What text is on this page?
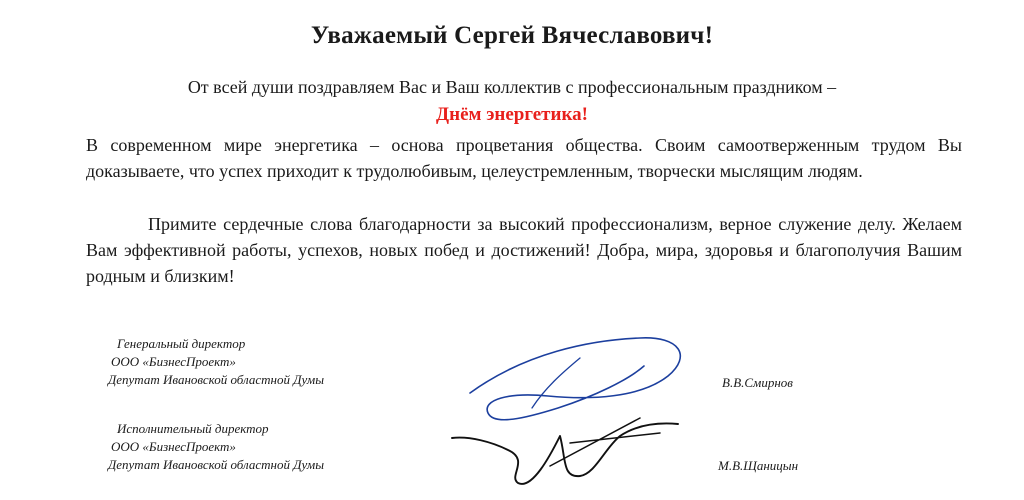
Уважаемый Сергей Вячеславович!
От всей души поздравляем Вас и Ваш коллектив с профессиональным праздником –
Днём энергетика!
В современном мире энергетика – основа процветания общества. Своим самоотверженным трудом Вы доказываете, что успех приходит к трудолюбивым, целеустремленным, творчески мыслящим людям.
Примите сердечные слова благодарности за высокий профессионализм, верное служение делу. Желаем Вам эффективной работы, успехов, новых побед и достижений! Добра, мира, здоровья и благополучия Вашим родным и близким!
Генеральный директор
ООО «БизнесПроект»
Депутат Ивановской областной Думы
Исполнительный директор
ООО «БизнесПроект»
Депутат Ивановской областной Думы
В.В.Смирнов
М.В.Щаницын
